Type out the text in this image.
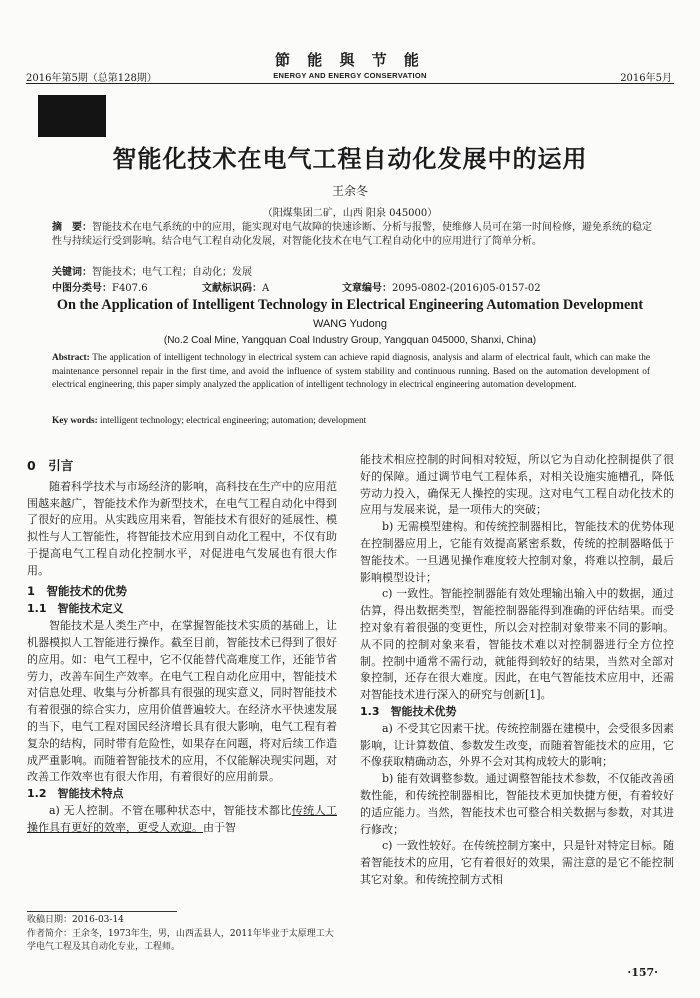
2016年第5期（总第128期）
節 能 與 节 能
ENERGY AND ENERGY CONSERVATION	2016年5月
智能化技术在电气工程自动化发展中的运用
王余冬
（阳煤集团二矿，山西 阳泉 045000）
摘　要：智能技术在电气系统的中的应用，能实现对电气故障的快速诊断、分析与报警，使维修人员可在第一时间检修，避免系统的稳定性与持续运行受到影响。结合电气工程自动化发展，对智能化技术在电气工程自动化中的应用进行了简单分析。
关键词：智能技术；电气工程；自动化；发展
中图分类号：F407.6	文献标识码：A	文章编号：2095-0802-(2016)05-0157-02
On the Application of Intelligent Technology in Electrical Engineering Automation Development
WANG Yudong
(No.2 Coal Mine, Yangquan Coal Industry Group, Yangquan 045000, Shanxi, China)
Abstract: The application of intelligent technology in electrical system can achieve rapid diagnosis, analysis and alarm of electrical fault, which can make the maintenance personnel repair in the first time, and avoid the influence of system stability and continuous running. Based on the automation development of electrical engineering, this paper simply analyzed the application of intelligent technology in electrical engineering automation development.
Key words: intelligent technology; electrical engineering; automation; development
0　引言

随着科学技术与市场经济的影响，高科技在生产中的应用范围越来越广，智能技术作为新型技术，在电气工程自动化中得到了很好的应用。从实践应用来看，智能技术有很好的延展性、模拟性与人工智能性，将智能技术应用到自动化工程中，不仅有助于提高电气工程自动化控制水平，对促进电气发展也有很大作用。

1　智能技术的优势
1.1　智能技术定义

智能技术是人类生产中，在掌握智能技术实质的基础上，让机器模拟人工智能进行操作。截至目前，智能技术已得到了很好的应用。如：电气工程中，它不仅能替代高难度工作，还能节省劳力，改善车间生产效率。在电气工程自动化应用中，智能技术对信息处理、收集与分析都具有很强的现实意义，同时智能技术有着很强的综合实力，应用价值普遍较大。在经济水平快速发展的当下，电气工程对国民经济增长具有很大影响，电气工程有着复杂的结构，同时带有危险性，如果存在问题，将对后续工作造成严重影响。而随着智能技术的应用，不仅能解决现实问题，对改善工作效率也有很大作用，有着很好的应用前景。

1.2　智能技术特点

a) 无人控制。不管在哪种状态中，智能技术都比传统人工操作具有更好的效率，更受人欢迎。由于智

收稿日期：2016-03-14
作者简介：王余冬，1973年生，男，山西盂县人，2011年毕业于太原理工大学电气工程及其自动化专业，工程师。

能技术相应控制的时间相对较短，所以它为自动化控制提供了很好的保障。通过调节电气工程体系，对相关设施实施槽孔，降低劳动力投入，确保无人操控的实现。这对电气工程自动化技术的应用与发展来说，是一项伟大的突破；

b) 无需模型建构。和传统控制器相比，智能技术的优势体现在控制器应用上，它能有效提高紧密系数，传统的控制器略低于智能技术。一旦遇见操作难度较大控制对象，将难以控制，最后影响模型设计；

c) 一致性。智能控制器能有效处理输出输入中的数据，通过估算，得出数据类型，智能控制器能得到准确的评估结果。而受控对象有着很强的变更性，所以会对控制对象带来不同的影响。从不同的控制对象来看，智能技术难以对控制器进行全方位控制。控制中通常不需行动，就能得到较好的结果，当然对全部对象控制，还存在很大难度。因此，在电气智能技术应用中，还需对智能技术进行深入的研究与创新[1]。

1.3　智能技术优势

a) 不受其它因素干扰。传统控制器在建模中，会受很多因素影响，让计算数值、参数发生改变，而随着智能技术的应用，它不像获取精确动态，外界不会对其构成较大的影响；

b) 能有效调整参数。通过调整智能技术参数，不仅能改善函数性能，和传统控制器相比，智能技术更加快捷方便，有着较好的适应能力。当然，智能技术也可整合相关数据与参数，对其进行修改；

c) 一致性较好。在传统控制方案中，只是针对特定目标。随着智能技术的应用，它有着很好的效果，需注意的是它不能控制其它对象。和传统控制方式相

·157·
